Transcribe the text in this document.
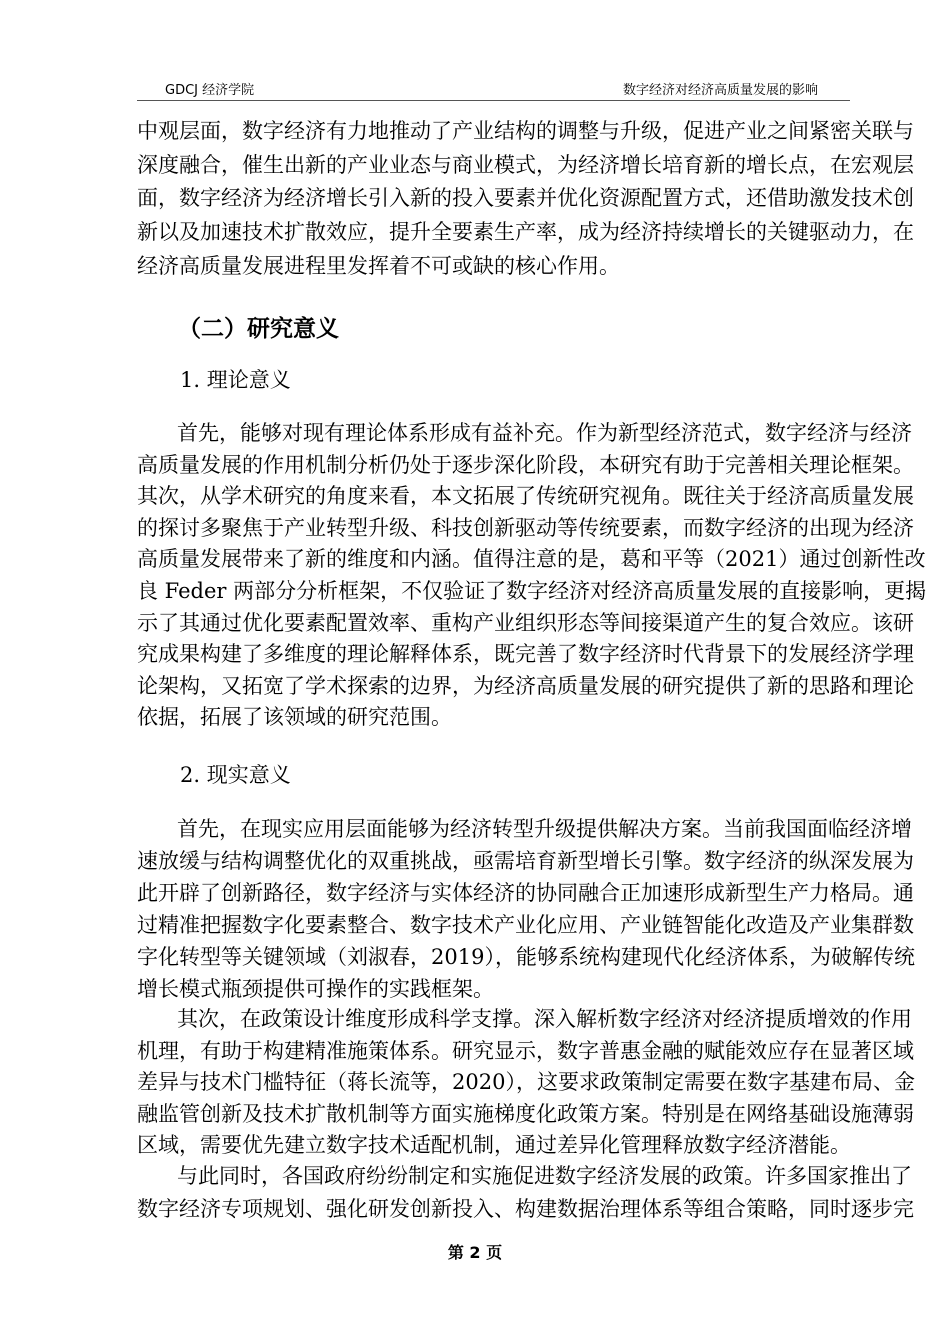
GDCJ 经济学院	数字经济对经济高质量发展的影响
中观层面，数字经济有力地推动了产业结构的调整与升级，促进产业之间紧密关联与
深度融合，催生出新的产业业态与商业模式，为经济增长培育新的增长点，在宏观层
面，数字经济为经济增长引入新的投入要素并优化资源配置方式，还借助激发技术创
新以及加速技术扩散效应，提升全要素生产率，成为经济持续增长的关键驱动力，在
经济高质量发展进程里发挥着不可或缺的核心作用。
（二）研究意义
1. 理论意义
首先，能够对现有理论体系形成有益补充。作为新型经济范式，数字经济与经济
高质量发展的作用机制分析仍处于逐步深化阶段，本研究有助于完善相关理论框架。
其次，从学术研究的角度来看，本文拓展了传统研究视角。既往关于经济高质量发展
的探讨多聚焦于产业转型升级、科技创新驱动等传统要素，而数字经济的出现为经济
高质量发展带来了新的维度和内涵。值得注意的是，葛和平等（2021）通过创新性改
良 Feder 两部分分析框架，不仅验证了数字经济对经济高质量发展的直接影响，更揭
示了其通过优化要素配置效率、重构产业组织形态等间接渠道产生的复合效应。该研
究成果构建了多维度的理论解释体系，既完善了数字经济时代背景下的发展经济学理
论架构，又拓宽了学术探索的边界，为经济高质量发展的研究提供了新的思路和理论
依据，拓展了该领域的研究范围。
2. 现实意义
首先，在现实应用层面能够为经济转型升级提供解决方案。当前我国面临经济增
速放缓与结构调整优化的双重挑战，亟需培育新型增长引擎。数字经济的纵深发展为
此开辟了创新路径，数字经济与实体经济的协同融合正加速形成新型生产力格局。通
过精准把握数字化要素整合、数字技术产业化应用、产业链智能化改造及产业集群数
字化转型等关键领域（刘淑春，2019），能够系统构建现代化经济体系，为破解传统
增长模式瓶颈提供可操作的实践框架。
其次，在政策设计维度形成科学支撑。深入解析数字经济对经济提质增效的作用
机理，有助于构建精准施策体系。研究显示，数字普惠金融的赋能效应存在显著区域
差异与技术门槛特征（蒋长流等，2020），这要求政策制定需要在数字基建布局、金
融监管创新及技术扩散机制等方面实施梯度化政策方案。特别是在网络基础设施薄弱
区域，需要优先建立数字技术适配机制，通过差异化管理释放数字经济潜能。
与此同时，各国政府纷纷制定和实施促进数字经济发展的政策。许多国家推出了
数字经济专项规划、强化研发创新投入、构建数据治理体系等组合策略，同时逐步完
第 2 页
